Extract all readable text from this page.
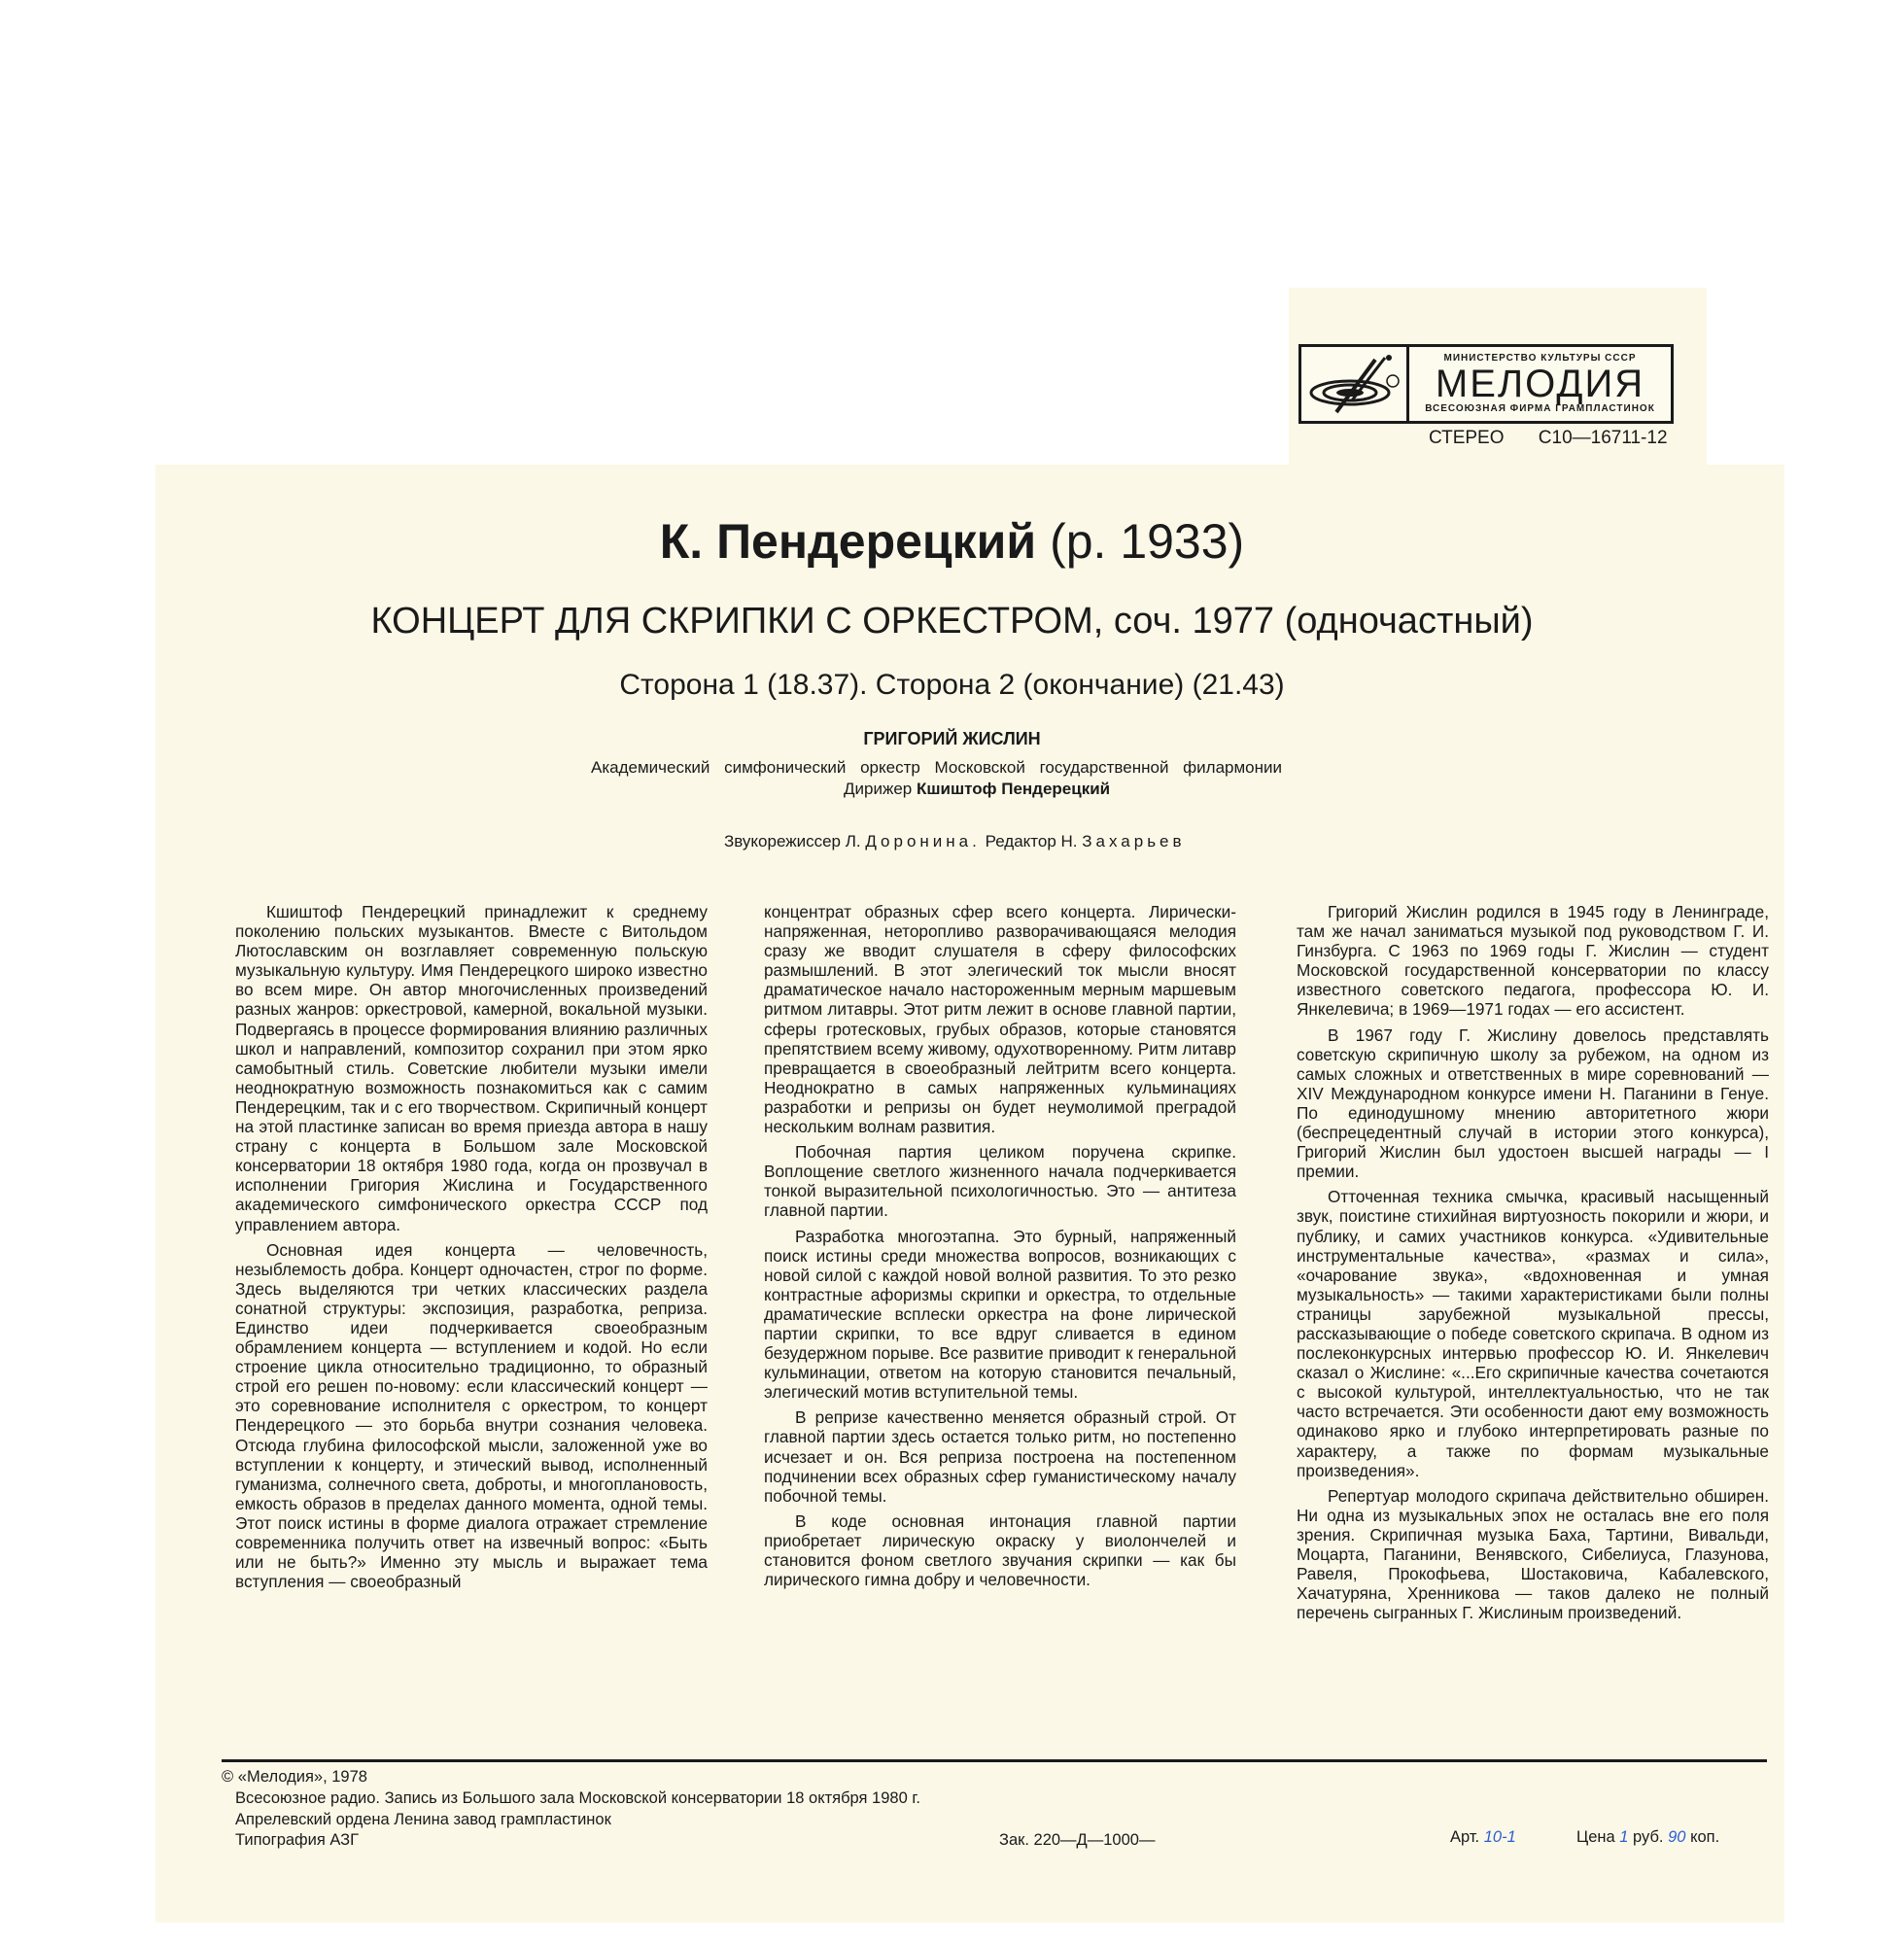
МИНИСТЕРСТВО КУЛЬТУРЫ СССР
МЕЛОДИЯ
ВСЕСОЮЗНАЯ ФИРМА ГРАМПЛАСТИНОК
СТЕРЕО С10—16711-12
К. Пендерецкий (р. 1933)
КОНЦЕРТ ДЛЯ СКРИПКИ С ОРКЕСТРОМ, соч. 1977 (одночастный)
Сторона 1 (18.37). Сторона 2 (окончание) (21.43)
ГРИГОРИЙ ЖИСЛИН
Академический симфонический оркестр Московской государственной филармонии
Дирижер Кшиштоф Пендерецкий
Звукорежиссер Л. Доронина. Редактор Н. Захарьев

Кшиштоф Пендерецкий принадлежит к среднему поколению польских музыкантов. Вместе с Витольдом Лютославским он возглавляет современную польскую музыкальную культуру. Имя Пендерецкого широко известно во всем мире. Он автор многочисленных произведений разных жанров: оркестровой, камерной, вокальной музыки. Подвергаясь в процессе формирования влиянию различных школ и направлений, композитор сохранил при этом ярко самобытный стиль. Советские любители музыки имели неоднократную возможность познакомиться как с самим Пендерецким, так и с его творчеством. Скрипичный концерт на этой пластинке записан во время приезда автора в нашу страну с концерта в Большом зале Московской консерватории 18 октября 1980 года, когда он прозвучал в исполнении Григория Жислина и Государственного академического симфонического оркестра СССР под управлением автора.

Основная идея концерта — человечность, незыблемость добра. Концерт одночастен, строг по форме. Здесь выделяются три четких классических раздела сонатной структуры: экспозиция, разработка, реприза. Единство идеи подчеркивается своеобразным обрамлением концерта — вступлением и кодой. Но если строение цикла относительно традиционно, то образный строй его решен по-новому: если классический концерт — это соревнование исполнителя с оркестром, то концерт Пендерецкого — это борьба внутри сознания человека. Отсюда глубина философской мысли, заложенной уже во вступлении к концерту, и этический вывод, исполненный гуманизма, солнечного света, доброты, и многоплановость, емкость образов в пределах данного момента, одной темы. Этот поиск истины в форме диалога отражает стремление современника получить ответ на извечный вопрос: «Быть или не быть?» Именно эту мысль и выражает тема вступления — своеобразный

концентрат образных сфер всего концерта. Лирически-напряженная, неторопливо разворачивающаяся мелодия сразу же вводит слушателя в сферу философских размышлений. В этот элегический ток мысли вносят драматическое начало настороженным мерным маршевым ритмом литавры. Этот ритм лежит в основе главной партии, сферы гротесковых, грубых образов, которые становятся препятствием всему живому, одухотворенному. Ритм литавр превращается в своеобразный лейтритм всего концерта. Неоднократно в самых напряженных кульминациях разработки и репризы он будет неумолимой преградой нескольким волнам развития.

Побочная партия целиком поручена скрипке. Воплощение светлого жизненного начала подчеркивается тонкой выразительной психологичностью. Это — антитеза главной партии.

Разработка многоэтапна. Это бурный, напряженный поиск истины среди множества вопросов, возникающих с новой силой с каждой новой волной развития. То это резко контрастные афоризмы скрипки и оркестра, то отдельные драматические всплески оркестра на фоне лирической партии скрипки, то все вдруг сливается в едином безудержном порыве. Все развитие приводит к генеральной кульминации, ответом на которую становится печальный, элегический мотив вступительной темы.

В репризе качественно меняется образный строй. От главной партии здесь остается только ритм, но постепенно исчезает и он. Вся реприза построена на постепенном подчинении всех образных сфер гуманистическому началу побочной темы.

В коде основная интонация главной партии приобретает лирическую окраску у виолончелей и становится фоном светлого звучания скрипки — как бы лирического гимна добру и человечности.

Григорий Жислин родился в 1945 году в Ленинграде, там же начал заниматься музыкой под руководством Г. И. Гинзбурга. С 1963 по 1969 годы Г. Жислин — студент Московской государственной консерватории по классу известного советского педагога, профессора Ю. И. Янкелевича; в 1969—1971 годах — его ассистент.

В 1967 году Г. Жислину довелось представлять советскую скрипичную школу за рубежом, на одном из самых сложных и ответственных в мире соревнований — XIV Международном конкурсе имени Н. Паганини в Генуе. По единодушному мнению авторитетного жюри (беспрецедентный случай в истории этого конкурса), Григорий Жислин был удостоен высшей награды — I премии.

Отточенная техника смычка, красивый насыщенный звук, поистине стихийная виртуозность покорили и жюри, и публику, и самих участников конкурса. «Удивительные инструментальные качества», «размах и сила», «очарование звука», «вдохновенная и умная музыкальность» — такими характеристиками были полны страницы зарубежной музыкальной прессы, рассказывающие о победе советского скрипача. В одном из послеконкурсных интервью профессор Ю. И. Янкелевич сказал о Жислине: «...Его скрипичные качества сочетаются с высокой культурой, интеллектуальностью, что не так часто встречается. Эти особенности дают ему возможность одинаково ярко и глубоко интерпретировать разные по характеру, а также по формам музыкальные произведения».

Репертуар молодого скрипача действительно обширен. Ни одна из музыкальных эпох не осталась вне его поля зрения. Скрипичная музыка Баха, Тартини, Вивальди, Моцарта, Паганини, Венявского, Сибелиуса, Глазунова, Равеля, Прокофьева, Шостаковича, Кабалевского, Хачатуряна, Хренникова — таков далеко не полный перечень сыгранных Г. Жислиным произведений.

© «Мелодия», 1978
Всесоюзное радио. Запись из Большого зала Московской консерватории 18 октября 1980 г.
Апрелевский ордена Ленина завод грампластинок
Типография АЗГ	Зак. 220—Д—1000—	Арт. 10-1	Цена 1 руб. 90 коп.
